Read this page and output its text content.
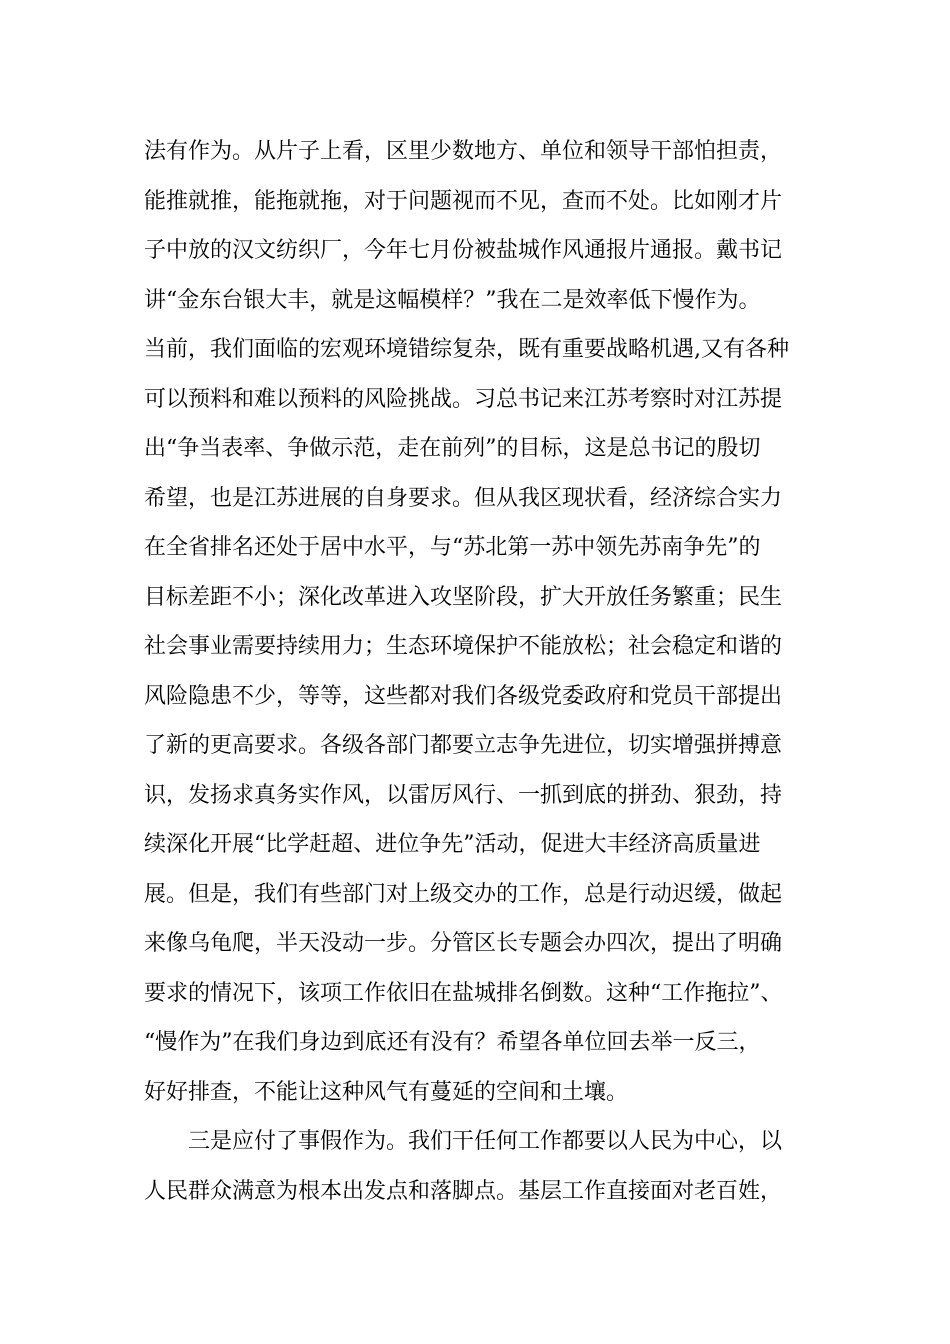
法有作为。从片子上看，区里少数地方、单位和领导干部怕担责，
能推就推，能拖就拖，对于问题视而不见，查而不处。比如刚才片
子中放的汉文纺织厂，今年七月份被盐城作风通报片通报。戴书记
讲“金东台银大丰，就是这幅模样？”我在二是效率低下慢作为。
当前，我们面临的宏观环境错综复杂，既有重要战略机遇,又有各种
可以预料和难以预料的风险挑战。习总书记来江苏考察时对江苏提
出“争当表率、争做示范，走在前列”的目标，这是总书记的殷切
希望，也是江苏进展的自身要求。但从我区现状看，经济综合实力
在全省排名还处于居中水平，与“苏北第一苏中领先苏南争先”的
目标差距不小；深化改革进入攻坚阶段，扩大开放任务繁重；民生
社会事业需要持续用力；生态环境保护不能放松；社会稳定和谐的
风险隐患不少，等等，这些都对我们各级党委政府和党员干部提出
了新的更高要求。各级各部门都要立志争先进位，切实增强拼搏意
识，发扬求真务实作风，以雷厉风行、一抓到底的拼劲、狠劲，持
续深化开展“比学赶超、进位争先”活动，促进大丰经济高质量进
展。但是，我们有些部门对上级交办的工作，总是行动迟缓，做起
来像乌龟爬，半天没动一步。分管区长专题会办四次，提出了明确
要求的情况下，该项工作依旧在盐城排名倒数。这种“工作拖拉”、
“慢作为”在我们身边到底还有没有？希望各单位回去举一反三，
好好排查，不能让这种风气有蔓延的空间和土壤。
三是应付了事假作为。我们干任何工作都要以人民为中心，以
人民群众满意为根本出发点和落脚点。基层工作直接面对老百姓，
